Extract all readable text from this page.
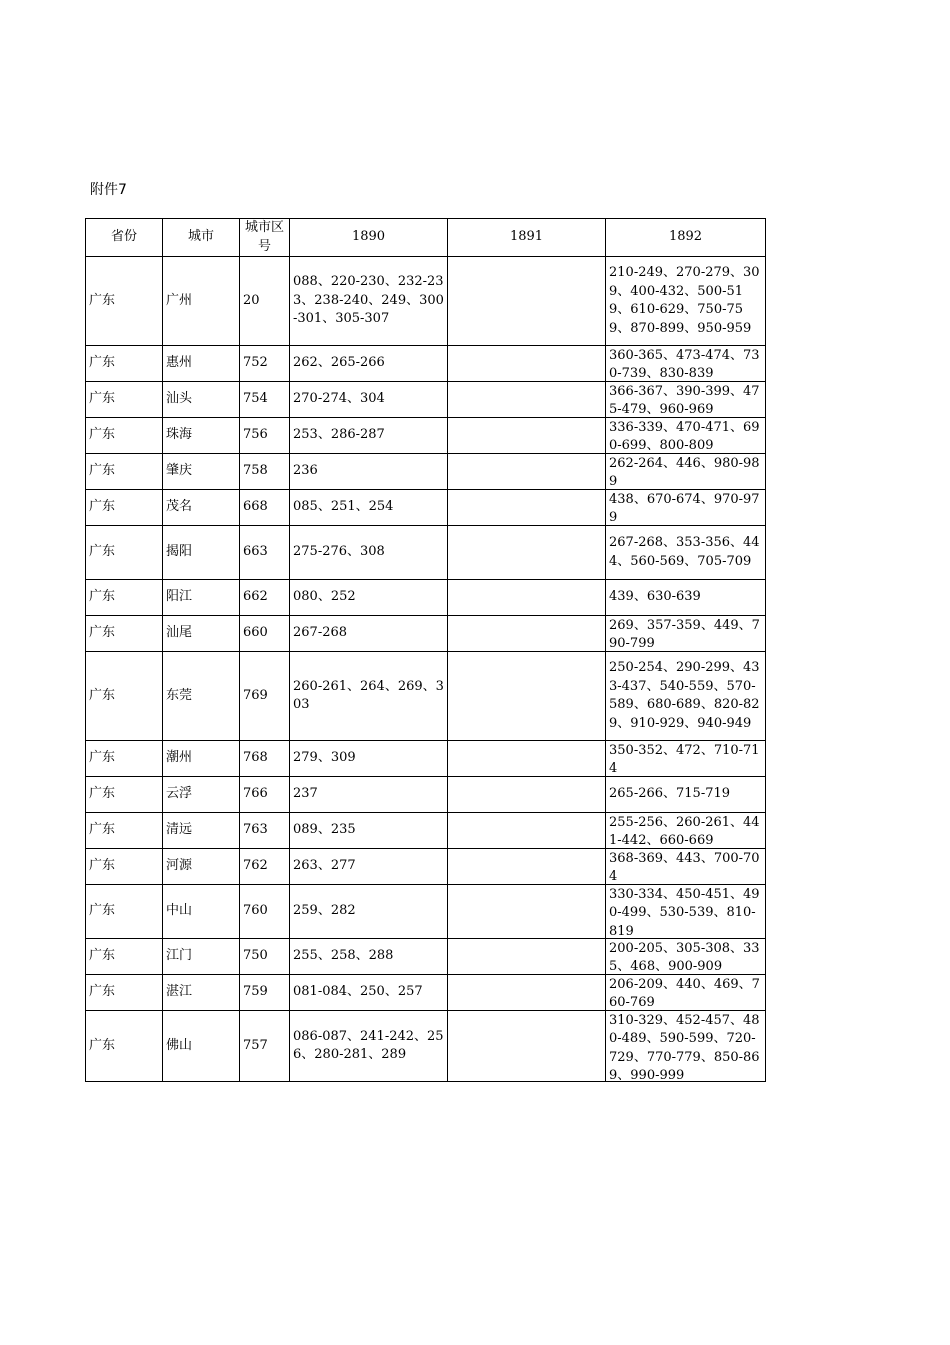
附件7
省份	城市	城市区号	1890	1891	1892
广东	广州	20	088、220-230、232-233、238-240、249、300-301、305-307		210-249、270-279、309、400-432、500-519、610-629、750-759、870-899、950-959

广东	惠州	752	262、265-266		360-365、473-474、730-739、830-839

广东	汕头	754	270-274、304		366-367、390-399、475-479、960-969

广东	珠海	756	253、286-287		336-339、470-471、690-699、800-809

广东	肇庆	758	236		262-264、446、980-989

广东	茂名	668	085、251、254		438、670-674、970-979

广东	揭阳	663	275-276、308		267-268、353-356、444、560-569、705-709

广东	阳江	662	080、252		439、630-639

广东	汕尾	660	267-268		269、357-359、449、790-799

广东	东莞	769	260-261、264、269、303		250-254、290-299、433-437、540-559、570-589、680-689、820-829、910-929、940-949

广东	潮州	768	279、309		350-352、472、710-714

广东	云浮	766	237		265-266、715-719

广东	清远	763	089、235		255-256、260-261、441-442、660-669

广东	河源	762	263、277		368-369、443、700-704

广东	中山	760	259、282		330-334、450-451、490-499、530-539、810-819

广东	江门	750	255、258、288		200-205、305-308、335、468、900-909

广东	湛江	759	081-084、250、257		206-209、440、469、760-769

广东	佛山	757	086-087、241-242、256、280-281、289		310-329、452-457、480-489、590-599、720-729、770-779、850-869、990-999
